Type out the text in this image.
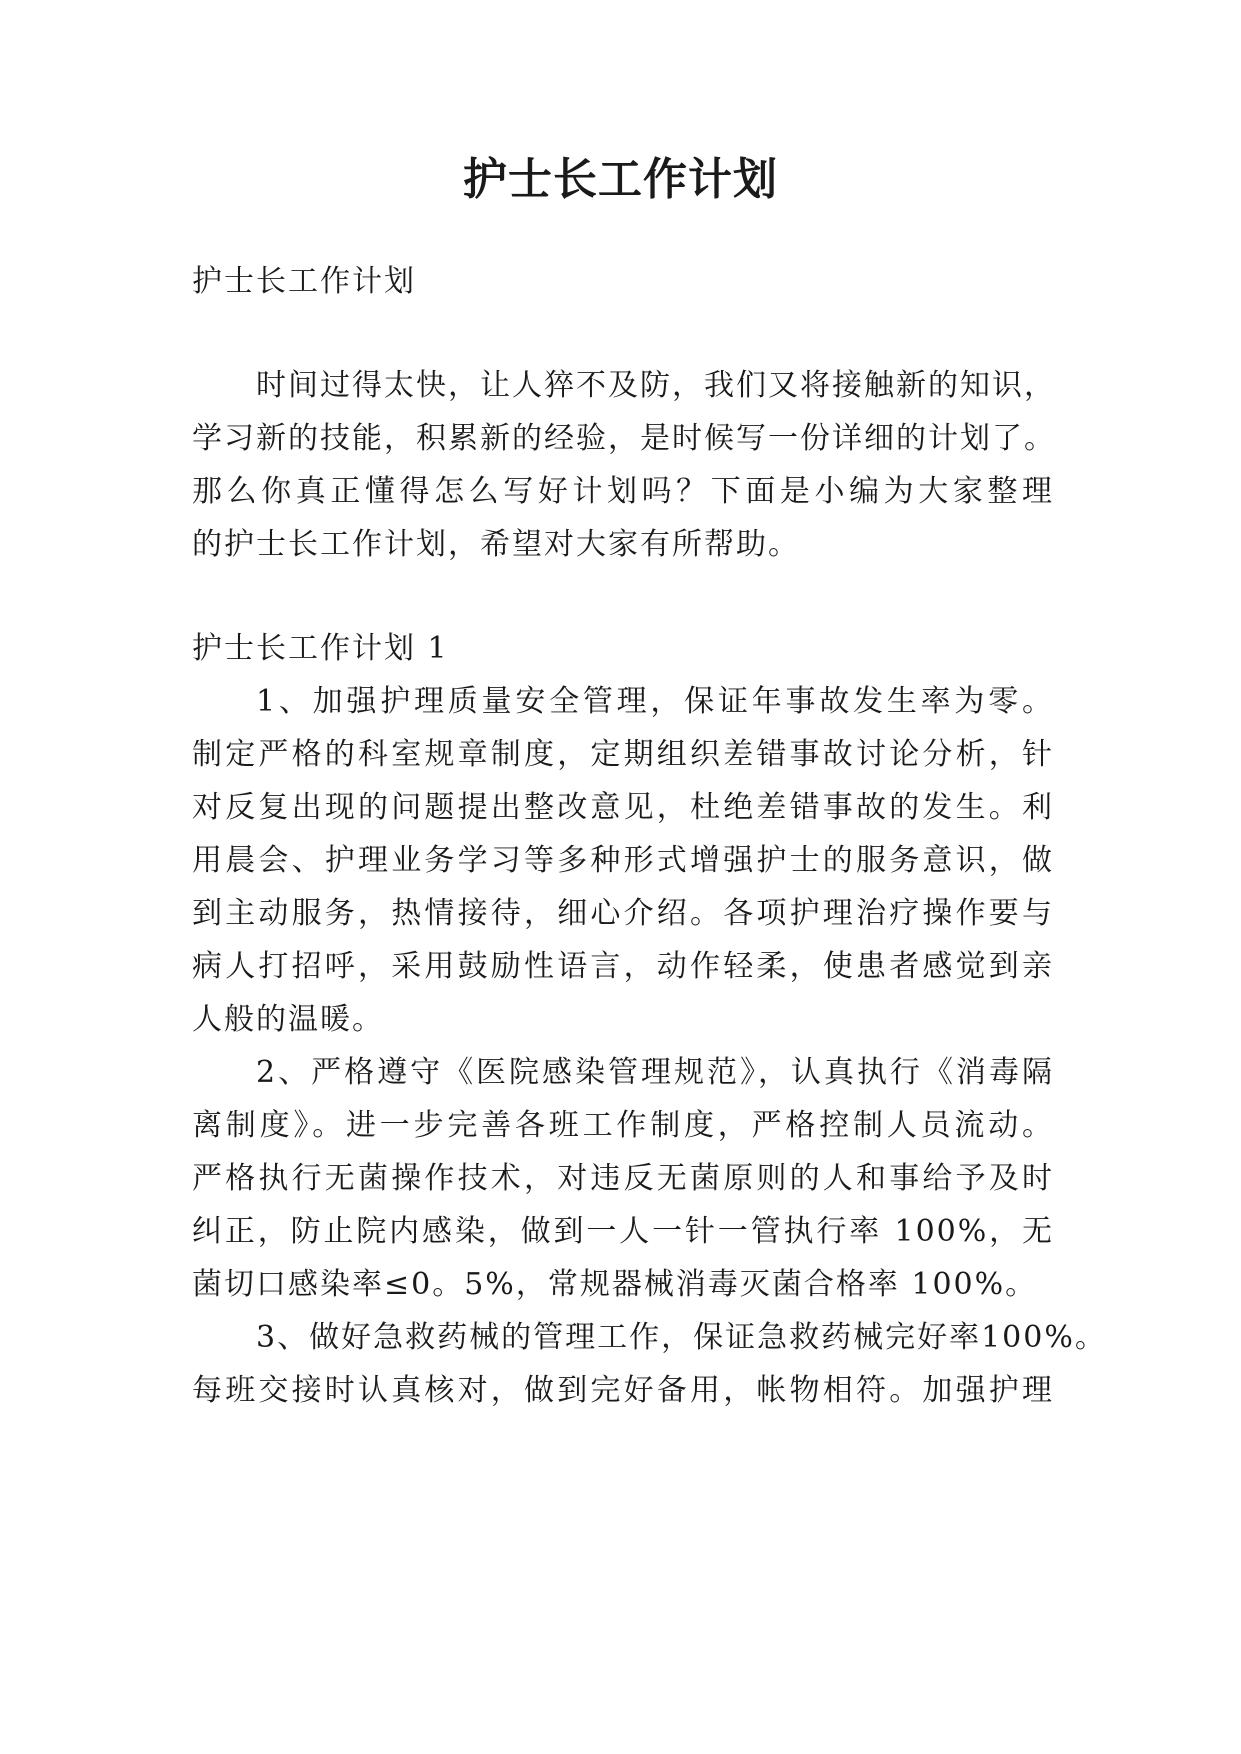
护士长工作计划
护士长工作计划
时间过得太快，让人猝不及防，我们又将接触新的知识，
学习新的技能，积累新的经验，是时候写一份详细的计划了。
那么你真正懂得怎么写好计划吗？下面是小编为大家整理
的护士长工作计划，希望对大家有所帮助。
护士长工作计划 1
1、加强护理质量安全管理，保证年事故发生率为零。
制定严格的科室规章制度，定期组织差错事故讨论分析，针
对反复出现的问题提出整改意见，杜绝差错事故的发生。利
用晨会、护理业务学习等多种形式增强护士的服务意识，做
到主动服务，热情接待，细心介绍。各项护理治疗操作要与
病人打招呼，采用鼓励性语言，动作轻柔，使患者感觉到亲
人般的温暖。
2、严格遵守《医院感染管理规范》，认真执行《消毒隔
离制度》。进一步完善各班工作制度，严格控制人员流动。
严格执行无菌操作技术，对违反无菌原则的人和事给予及时
纠正，防止院内感染，做到一人一针一管执行率 100%，无
菌切口感染率≤0。5%，常规器械消毒灭菌合格率 100%。
3、做好急救药械的管理工作，保证急救药械完好率100%。
每班交接时认真核对，做到完好备用，帐物相符。加强护理
